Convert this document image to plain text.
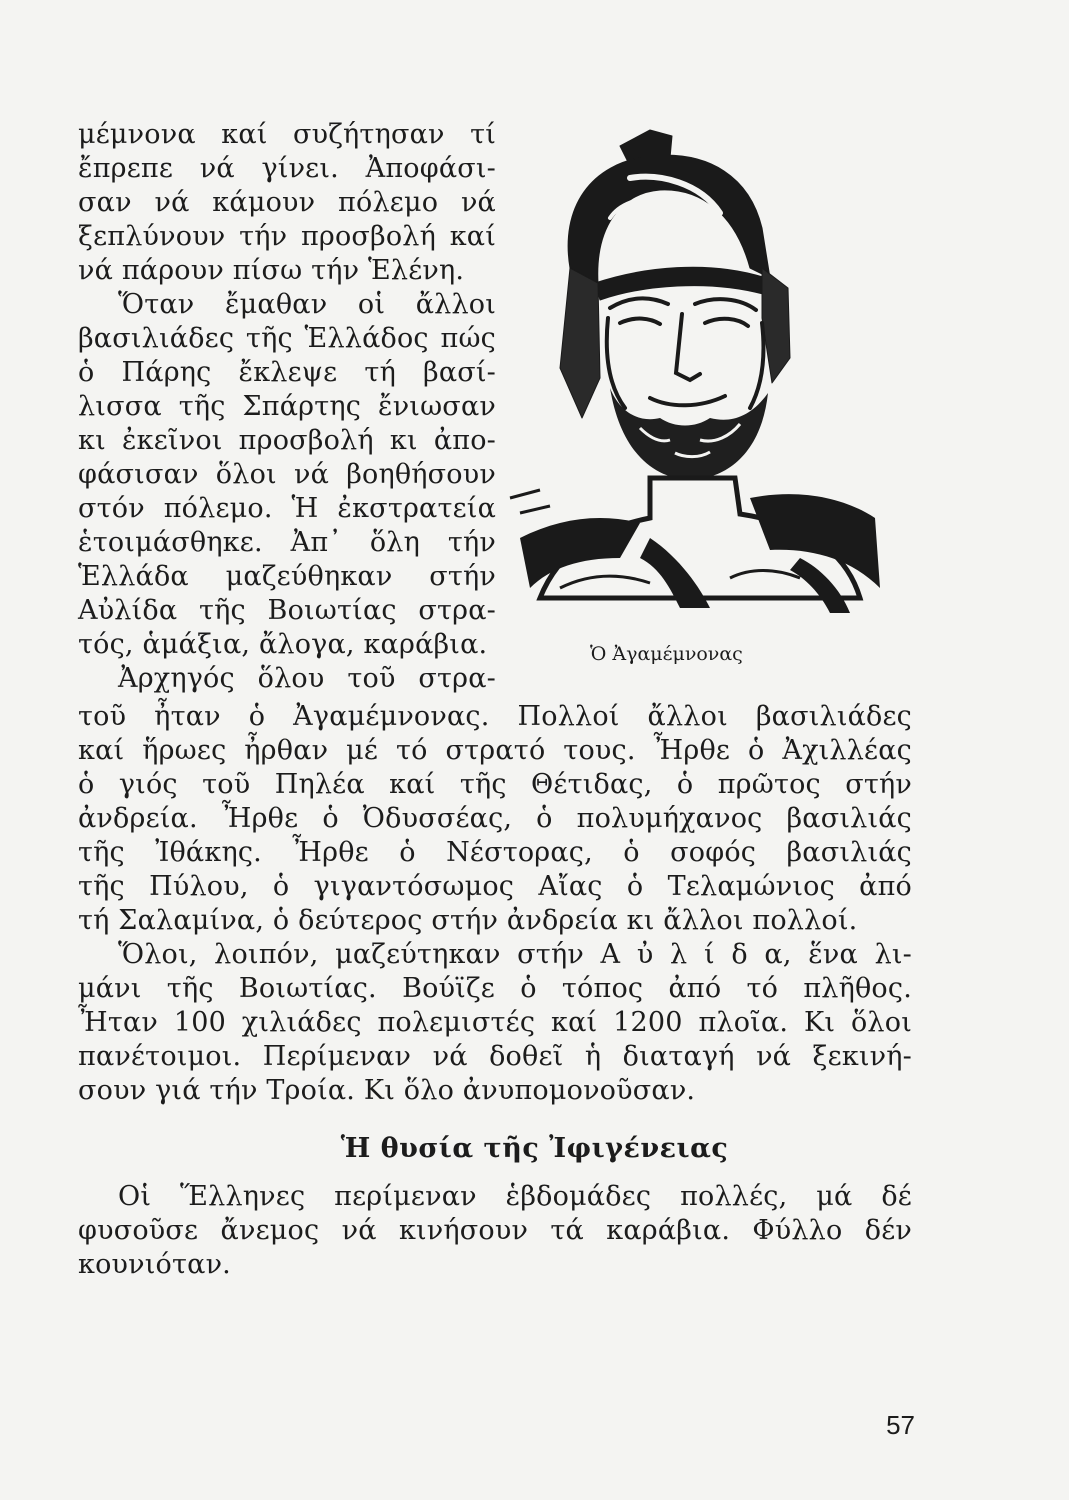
μέμνονα καί συζήτησαν τί
ἔπρεπε νά γίνει. Ἀποφάσι-
σαν νά κάμουν πόλεμο νά
ξεπλύνουν τήν προσβολή καί
νά πάρουν πίσω τήν Ἑλένη.
Ὅταν ἔμαθαν οἱ ἄλλοι
βασιλιάδες τῆς Ἑλλάδος πώς
ὁ Πάρης ἔκλεψε τή βασί-
λισσα τῆς Σπάρτης ἔνιωσαν
κι ἐκεῖνοι προσβολή κι ἀπο-
φάσισαν ὅλοι νά βοηθήσουν
στόν πόλεμο. Ἡ ἐκστρατεία
ἑτοιμάσθηκε. Ἀπ᾽ ὅλη τήν
Ἑλλάδα μαζεύθηκαν στήν
Αὐλίδα τῆς Βοιωτίας στρα-
τός, ἁμάξια, ἄλογα, καράβια.
Ἀρχηγός ὅλου τοῦ στρα-
τοῦ ἦταν ὁ Ἀγαμέμνονας. Πολλοί ἄλλοι βασιλιάδες
καί ἥρωες ἦρθαν μέ τό στρατό τους. Ἦρθε ὁ Ἀχιλλέας
ὁ γιός τοῦ Πηλέα καί τῆς Θέτιδας, ὁ πρῶτος στήν
ἀνδρεία. Ἦρθε ὁ Ὀδυσσέας, ὁ πολυμήχανος βασιλιάς
τῆς Ἰθάκης. Ἦρθε ὁ Νέστορας, ὁ σοφός βασιλιάς
τῆς Πύλου, ὁ γιγαντόσωμος Αἴας ὁ Τελαμώνιος ἀπό
τή Σαλαμίνα, ὁ δεύτερος στήν ἀνδρεία κι ἄλλοι πολλοί.
Ὅλοι, λοιπόν, μαζεύτηκαν στήν Α ὐ λ ί δ α, ἕνα λι-
μάνι τῆς Βοιωτίας. Βούϊζε ὁ τόπος ἀπό τό πλῆθος.
Ἦταν 100 χιλιάδες πολεμιστές καί 1200 πλοῖα. Κι ὅλοι
πανέτοιμοι. Περίμεναν νά δοθεῖ ἡ διαταγή νά ξεκινή-
σουν γιά τήν Τροία. Κι ὅλο ἀνυπομονοῦσαν.
Ἡ θυσία τῆς Ἰφιγένειας
Οἱ Ἕλληνες περίμεναν ἑβδομάδες πολλές, μά δέ
φυσοῦσε ἄνεμος νά κινήσουν τά καράβια. Φύλλο δέν
κουνιόταν.
Ὁ Ἀγαμέμνονας
57
